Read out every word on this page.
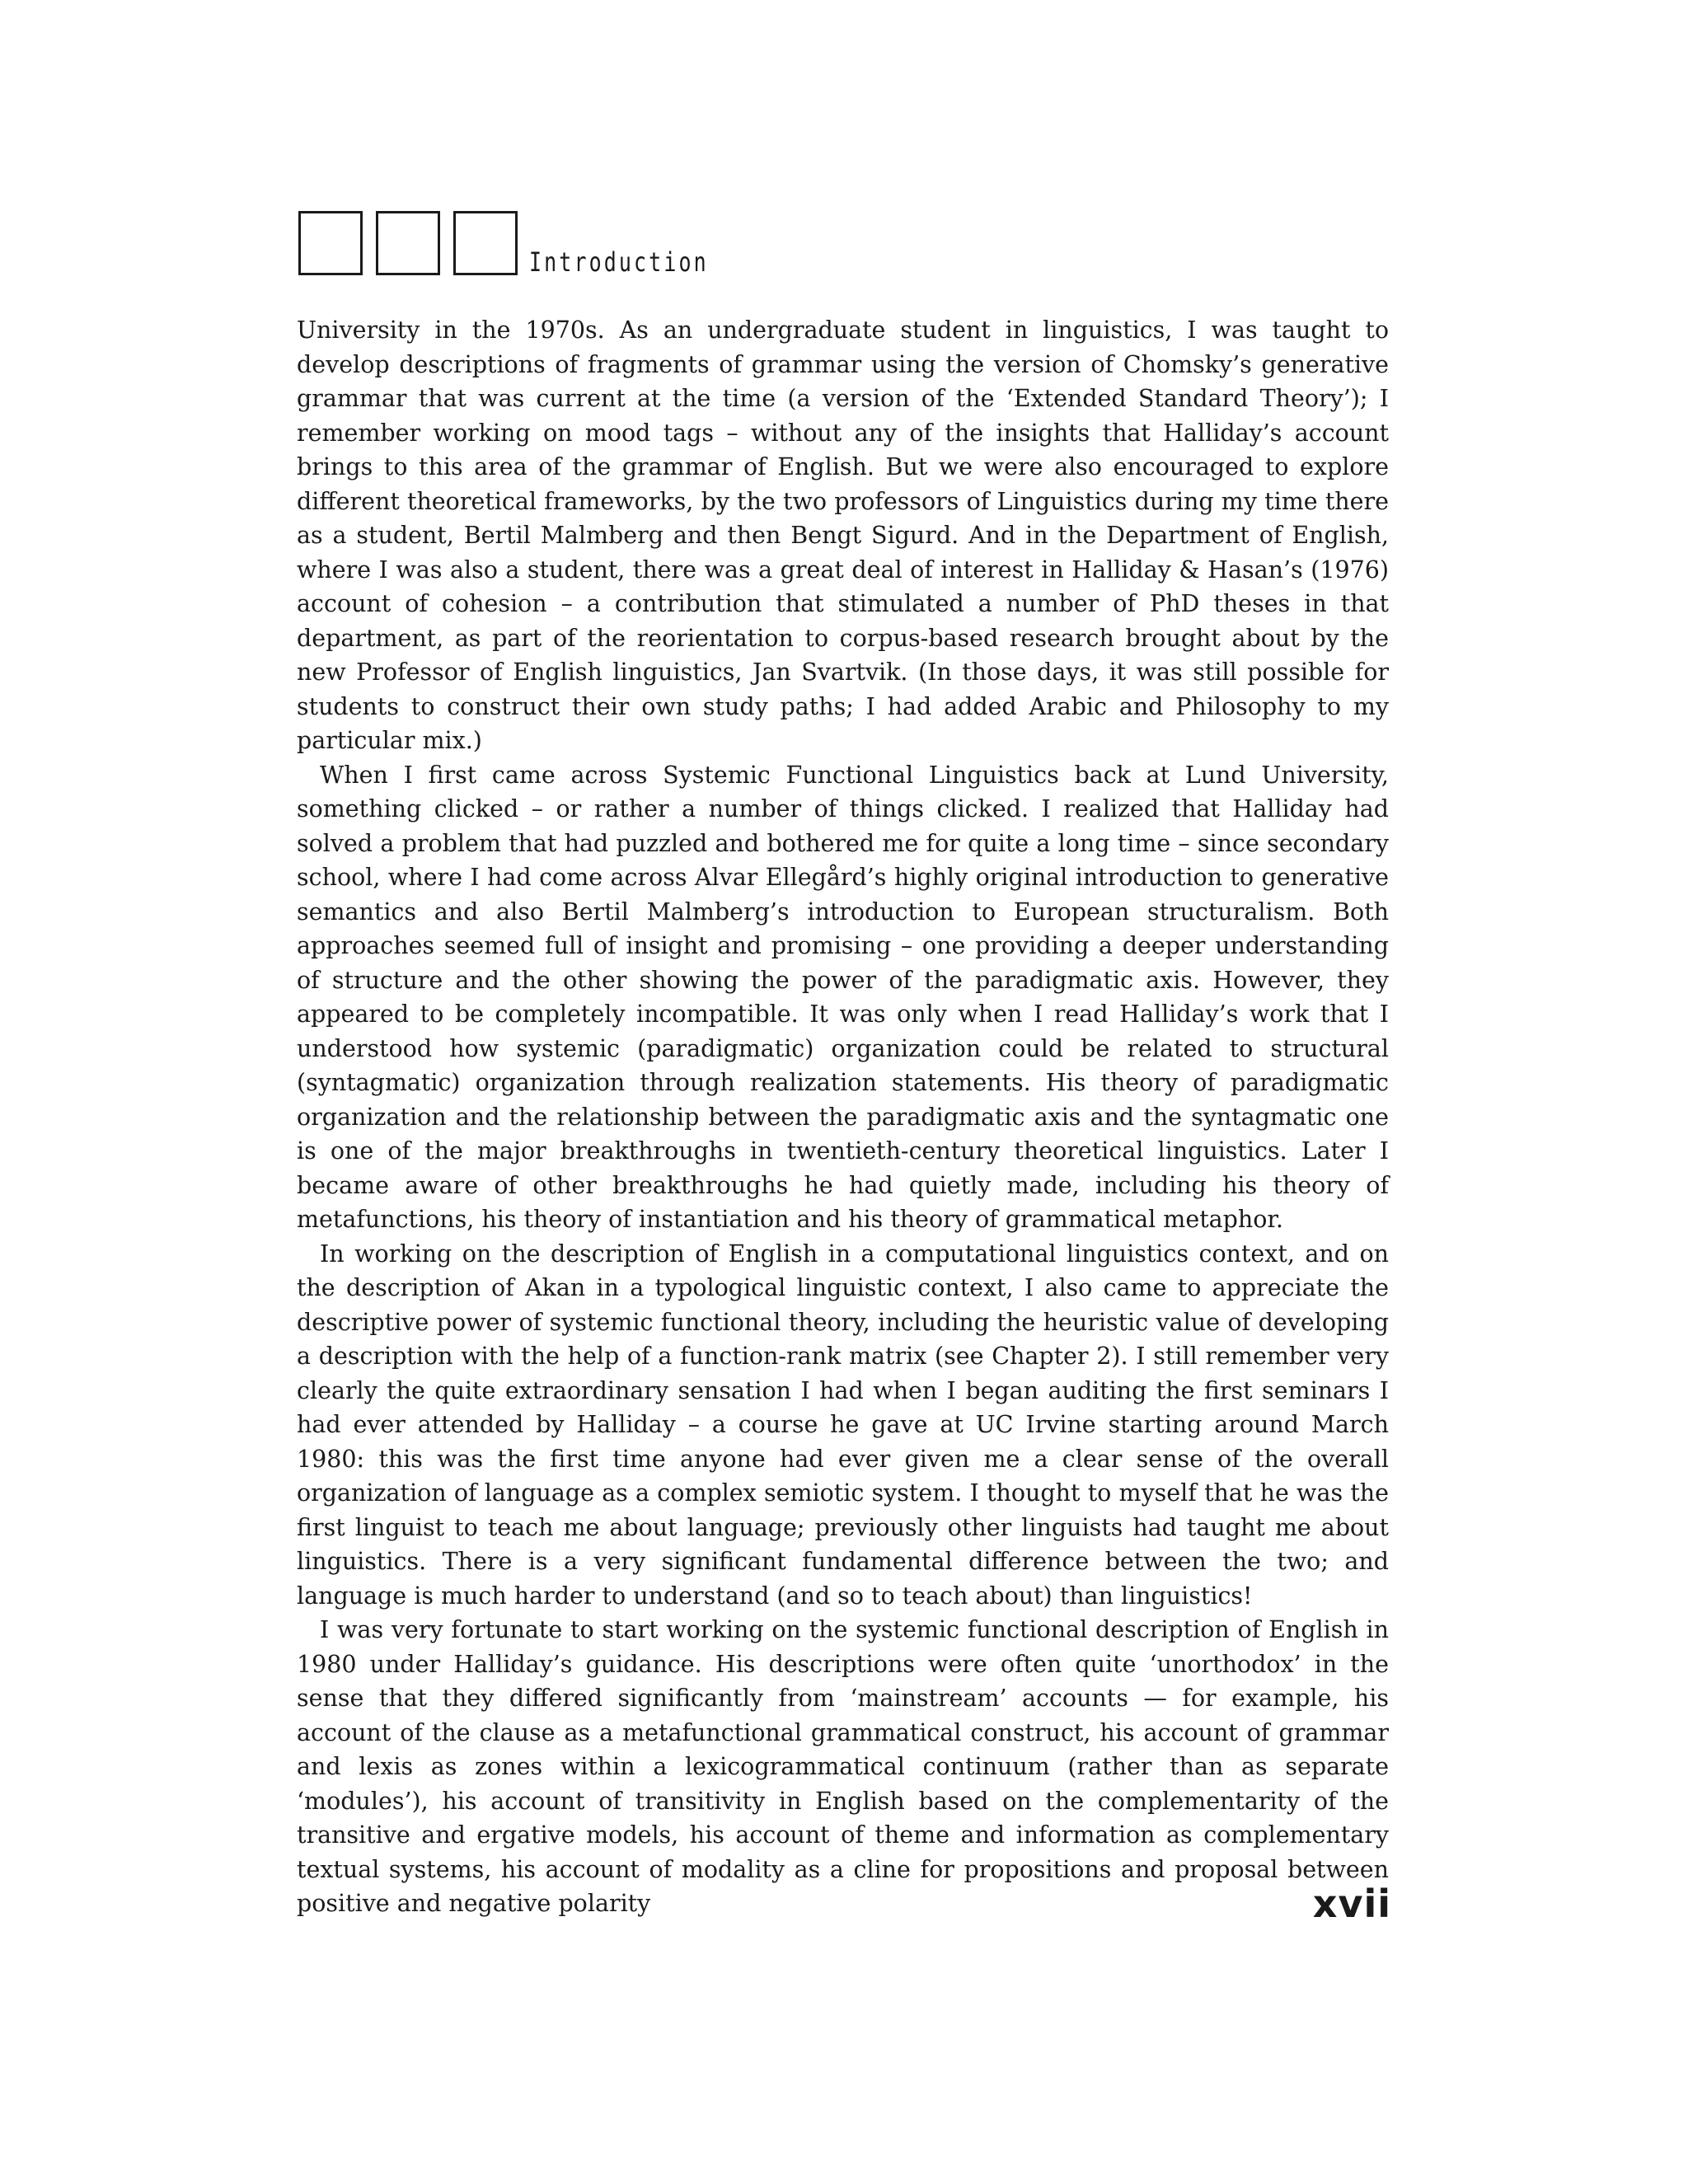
Introduction

University in the 1970s. As an undergraduate student in linguistics, I was taught to develop descriptions of fragments of grammar using the version of Chomsky’s generative grammar that was current at the time (a version of the ‘Extended Standard Theory’); I remember working on mood tags – without any of the insights that Halliday’s account brings to this area of the grammar of English. But we were also encouraged to explore different theoretical frameworks, by the two professors of Linguistics during my time there as a student, Bertil Malmberg and then Bengt Sigurd. And in the Department of English, where I was also a student, there was a great deal of interest in Halliday & Hasan’s (1976) account of cohesion – a contribution that stimulated a number of PhD theses in that department, as part of the reorientation to corpus-based research brought about by the new Professor of English linguistics, Jan Svartvik. (In those days, it was still possible for students to construct their own study paths; I had added Arabic and Philosophy to my particular mix.)

When I first came across Systemic Functional Linguistics back at Lund University, something clicked – or rather a number of things clicked. I realized that Halliday had solved a problem that had puzzled and bothered me for quite a long time – since secondary school, where I had come across Alvar Ellegård’s highly original introduction to generative semantics and also Bertil Malmberg’s introduction to European structuralism. Both approaches seemed full of insight and promising – one providing a deeper understanding of structure and the other showing the power of the paradigmatic axis. However, they appeared to be completely incompatible. It was only when I read Halliday’s work that I understood how systemic (paradigmatic) organization could be related to structural (syntagmatic) organization through realization statements. His theory of paradigmatic organization and the relationship between the paradigmatic axis and the syntagmatic one is one of the major breakthroughs in twentieth-century theoretical linguistics. Later I became aware of other breakthroughs he had quietly made, including his theory of metafunctions, his theory of instantiation and his theory of grammatical metaphor.

In working on the description of English in a computational linguistics context, and on the description of Akan in a typological linguistic context, I also came to appreciate the descriptive power of systemic functional theory, including the heuristic value of developing a description with the help of a function-rank matrix (see Chapter 2). I still remember very clearly the quite extraordinary sensation I had when I began auditing the first seminars I had ever attended by Halliday – a course he gave at UC Irvine starting around March 1980: this was the first time anyone had ever given me a clear sense of the overall organization of language as a complex semiotic system. I thought to myself that he was the first linguist to teach me about language; previously other linguists had taught me about linguistics. There is a very significant fundamental difference between the two; and language is much harder to understand (and so to teach about) than linguistics!

I was very fortunate to start working on the systemic functional description of English in 1980 under Halliday’s guidance. His descriptions were often quite ‘unorthodox’ in the sense that they differed significantly from ‘mainstream’ accounts — for example, his account of the clause as a metafunctional grammatical construct, his account of grammar and lexis as zones within a lexicogrammatical continuum (rather than as separate ‘modules’), his account of transitivity in English based on the complementarity of the transitive and ergative models, his account of theme and information as complementary textual systems, his account of modality as a cline for propositions and proposal between positive and negative polarity	xvii
